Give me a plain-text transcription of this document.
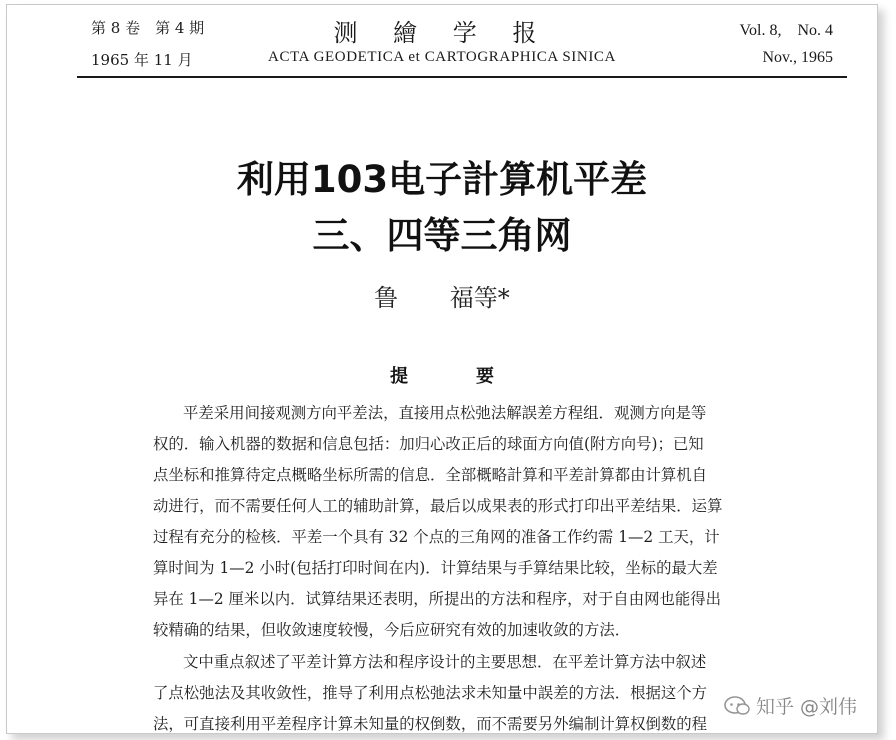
第 8 卷　第 4 期
1965 年 11 月
测 繪 学 报
ACTA GEODETICA et CARTOGRAPHICA SINICA
Vol. 8,　No. 4
Nov., 1965
利用103电子計算机平差
三、四等三角网
鲁 福等*
提要
平差采用间接观测方向平差法，直接用点松弛法解誤差方程组．观测方向是等
权的．输入机器的数据和信息包括：加归心改正后的球面方向值(附方向号)；已知
点坐标和推算待定点概略坐标所需的信息．全部概略計算和平差計算都由计算机自
动进行，而不需要任何人工的辅助計算，最后以成果表的形式打印出平差结果．运算
过程有充分的检核．平差一个具有 32 个点的三角网的准备工作约需 1—2 工天，计
算时间为 1—2 小时(包括打印时间在内)．计算结果与手算结果比较，坐标的最大差
异在 1—2 厘米以内．试算结果还表明，所提出的方法和程序，对于自由网也能得出
较精确的结果，但收敛速度较慢，今后应研究有效的加速收敛的方法．
文中重点叙述了平差计算方法和程序设计的主要思想．在平差计算方法中叙述
了点松弛法及其收敛性，推导了利用点松弛法求未知量中誤差的方法．根据这个方
法，可直接利用平差程序计算未知量的权倒数，而不需要另外编制计算权倒数的程
知乎 @刘伟
